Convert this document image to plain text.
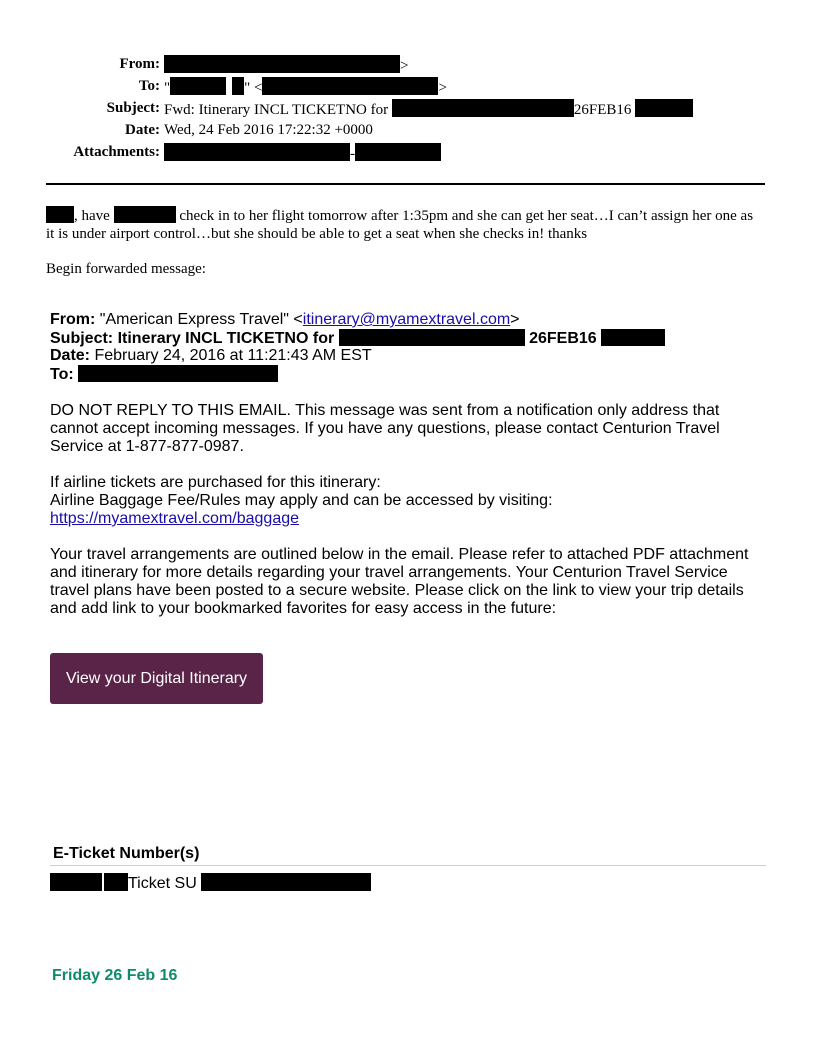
From:	>
To: "	" <	>
Subject: Fwd: Itinerary INCL TICKETNO for	26FEB16
Date: Wed, 24 Feb 2016 17:22:32 +0000
Attachments:	-
, have	check in to her flight tomorrow after 1:35pm and she can get her seat…I can’t assign her one as it is under airport control…but she should be able to get a seat when she checks in! thanks
Begin forwarded message:
From: "American Express Travel" <itinerary@myamextravel.com>
Subject: Itinerary INCL TICKETNO for	26FEB16
Date: February 24, 2016 at 11:21:43 AM EST
To:
DO NOT REPLY TO THIS EMAIL. This message was sent from a notification only address that cannot accept incoming messages. If you have any questions, please contact Centurion Travel Service at 1-877-877-0987.
If airline tickets are purchased for this itinerary:
Airline Baggage Fee/Rules may apply and can be accessed by visiting:
https://myamextravel.com/baggage
Your travel arrangements are outlined below in the email. Please refer to attached PDF attachment and itinerary for more details regarding your travel arrangements. Your Centurion Travel Service travel plans have been posted to a secure website. Please click on the link to view your trip details and add link to your bookmarked favorites for easy access in the future:
View your Digital Itinerary
E-Ticket Number(s)
Ticket SU
Friday 26 Feb 16
